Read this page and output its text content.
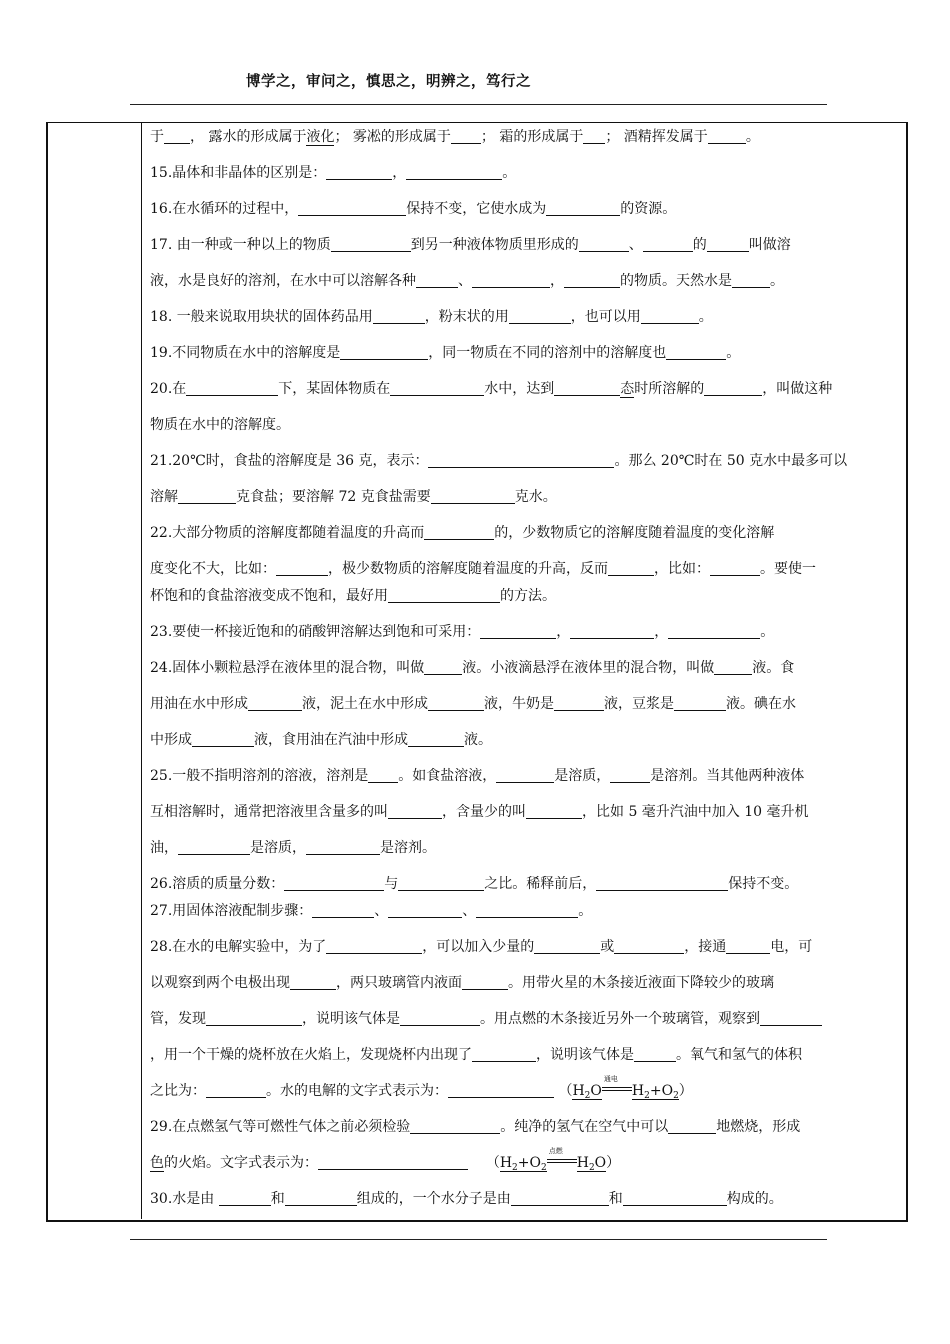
博学之，审问之，慎思之，明辨之，笃行之
于 ， 露水的形成属于液化； 雾凇的形成属于 ； 霜的形成属于 ； 酒精挥发属于	。
15.晶体和非晶体的区别是：	，	。
16.在水循环的过程中，	保持不变，它使水成为	的资源。
17. 由一种或一种以上的物质	到另一种液体物质里形成的	、	的	叫做溶
液，水是良好的溶剂，在水中可以溶解各种	、	，	的物质。天然水是	。
18. 一般来说取用块状的固体药品用	，粉末状的用	，也可以用	。
19.不同物质在水中的溶解度是	，同一物质在不同的溶剂中的溶解度也	。
20.在	下，某固体物质在	水中，达到	态时所溶解的	，叫做这种
物质在水中的溶解度。
21.20℃时，食盐的溶解度是 36 克，表示：	。那么 20℃时在 50 克水中最多可以
溶解	克食盐；要溶解 72 克食盐需要	克水。
22.大部分物质的溶解度都随着温度的升高而	的，少数物质它的溶解度随着温度的变化溶解
度变化不大，比如：	，极少数物质的溶解度随着温度的升高，反而	，比如：	。要使一
杯饱和的食盐溶液变成不饱和，最好用	的方法。
23.要使一杯接近饱和的硝酸钾溶解达到饱和可采用：	，	，	。
24.固体小颗粒悬浮在液体里的混合物，叫做	液。小液滴悬浮在液体里的混合物，叫做	液。食
用油在水中形成	液，泥土在水中形成	液，牛奶是	液，豆浆是	液。碘在水
中形成	液，食用油在汽油中形成	液。
25.一般不指明溶剂的溶液，溶剂是 。如食盐溶液，	是溶质，	是溶剂。当其他两种液体
互相溶解时，通常把溶液里含量多的叫	，含量少的叫	，比如 5 毫升汽油中加入 10 毫升机
油，	是溶质，	是溶剂。
26.溶质的质量分数：	与	之比。稀释前后，	保持不变。
27.用固体溶液配制步骤：	、	、	。
28.在水的电解实验中，为了	，可以加入少量的	或	，接通	电，可
以观察到两个电极出现	，两只玻璃管内液面	。用带火星的木条接近液面下降较少的玻璃
管，发现	，说明该气体是	。用点燃的木条接近另外一个玻璃管，观察到
，用一个干燥的烧杯放在火焰上，发现烧杯内出现了	，说明该气体是	。氧气和氢气的体积
之比为：	。水的电解的文字式表示为：	（$H_2O$
通电
$H_2+O_2$）
29.在点燃氢气等可燃性气体之前必须检验	。纯净的氢气在空气中可以	地燃烧，形成
色的火焰。文字式表示为：	（$H_2+O_2$
点燃
$H_2O$）
30.水是由	和	组成的，一个水分子是由	和	构成的。
